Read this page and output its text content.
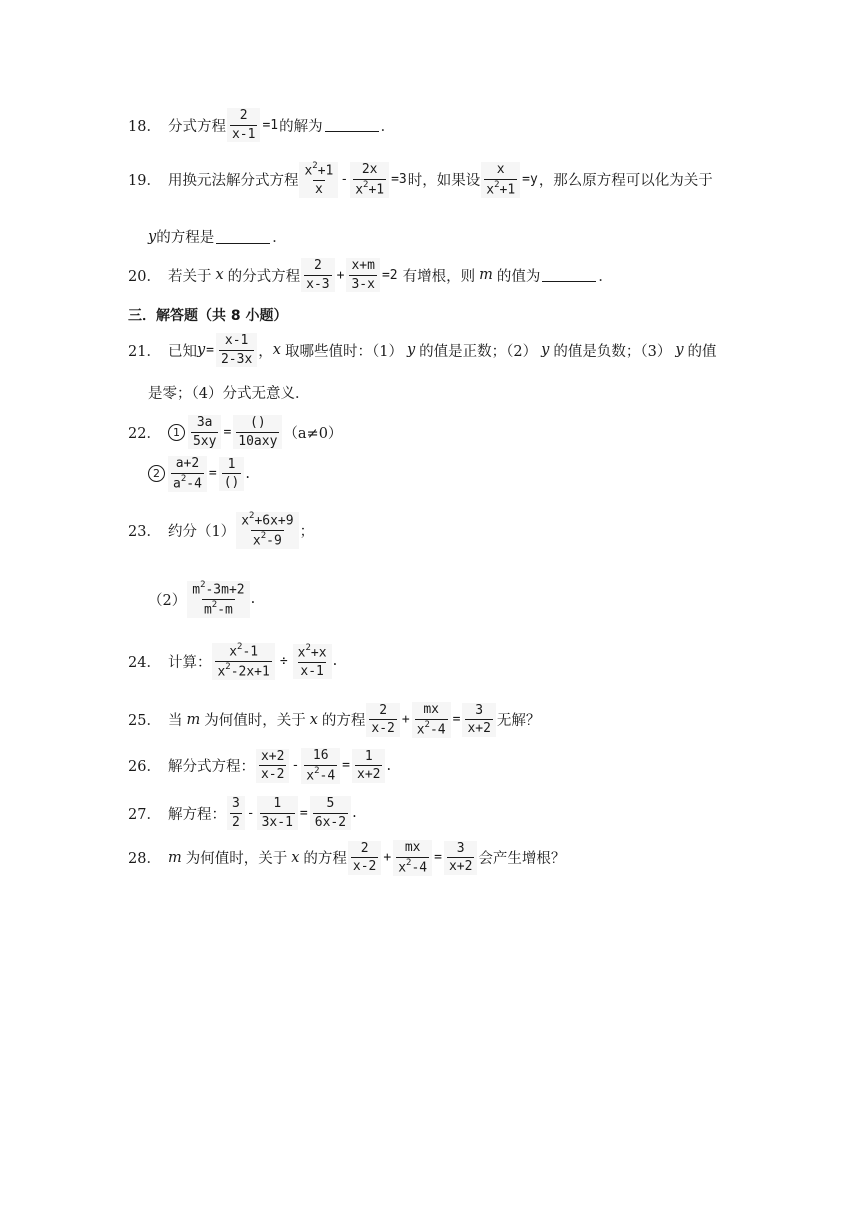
18． 分式方程 $\frac{2}{x-1} =1$ 的解为	．
19． 用换元法解分式方程 $\frac{x^2+1}{x} - \frac{2x}{x^2+1} =3$ 时，如果设 $\frac{x}{x^2+1} =y$ ，那么原方程可以化为关于
y 的方程是	．
20． 若关于 x 的分式方程 $\frac{2}{x-3} + \frac{x+m}{3-x} =2$ 有增根，则 m 的值为	．
三．解答题（共 8 小题）
21． 已知 $y = \frac{x-1}{2-3x}$ ， x 取哪些值时：（1） y 的值是正数；（2） y 的值是负数；（3） y 的值
是零；（4）分式无意义．
22．	$1 \frac{3a}{5xy} = \frac{()}{\text{10axy}} (a\ne 0)$
$2 \frac{a+2}{a^2-4} = \frac{1}{()}$ .
23． 约分$(1) \frac{x^2+6x+9}{x^2-9}$ ；
$(2) \frac{m^2-3m+2}{m^2-m}$ .
24． 计算： $\frac{x^2-1}{x^2-2x+1} \div \frac{x^2+x}{x-1}$ .
25． 当 m 为何值时，关于 x 的方程 $\frac{2}{x-2} + \frac{mx}{x^2-4} = \frac{3}{x+2}$ 无解？
26． 解分式方程： $\frac{x+2}{x-2} - \frac{16}{x^2-4} = \frac{1}{x+2}$ .
27． 解方程： $\frac{3}{2} - \frac{1}{3x-1} = \frac{5}{6x-2}$ .
28． m 为何值时，关于 x 的方程 $\frac{2}{x-2} + \frac{mx}{x^2-4} = \frac{3}{x+2}$ 会产生增根？
